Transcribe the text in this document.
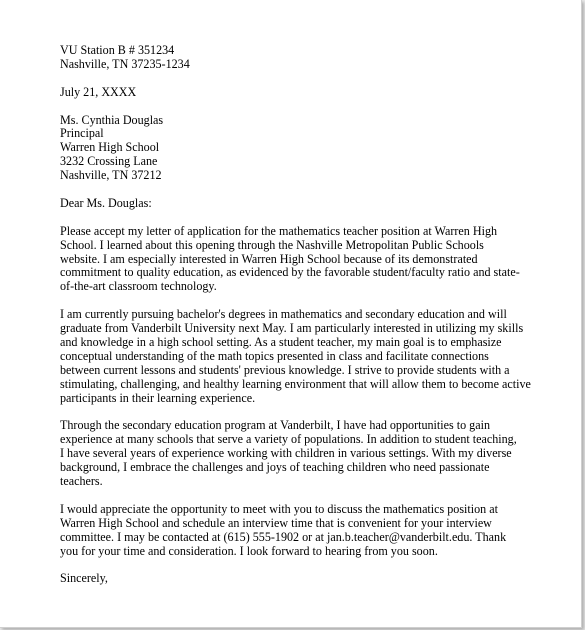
VU Station B # 351234
Nashville, TN 37235-1234
July 21, XXXX
Ms. Cynthia Douglas
Principal
Warren High School
3232 Crossing Lane
Nashville, TN 37212
Dear Ms. Douglas:
Please accept my letter of application for the mathematics teacher position at Warren High
School. I learned about this opening through the Nashville Metropolitan Public Schools
website. I am especially interested in Warren High School because of its demonstrated
commitment to quality education, as evidenced by the favorable student/faculty ratio and state-
of-the-art classroom technology.
I am currently pursuing bachelor's degrees in mathematics and secondary education and will
graduate from Vanderbilt University next May. I am particularly interested in utilizing my skills
and knowledge in a high school setting. As a student teacher, my main goal is to emphasize
conceptual understanding of the math topics presented in class and facilitate connections
between current lessons and students' previous knowledge. I strive to provide students with a
stimulating, challenging, and healthy learning environment that will allow them to become active
participants in their learning experience.
Through the secondary education program at Vanderbilt, I have had opportunities to gain
experience at many schools that serve a variety of populations. In addition to student teaching,
I have several years of experience working with children in various settings. With my diverse
background, I embrace the challenges and joys of teaching children who need passionate
teachers.
I would appreciate the opportunity to meet with you to discuss the mathematics position at
Warren High School and schedule an interview time that is convenient for your interview
committee. I may be contacted at (615) 555-1902 or at jan.b.teacher@vanderbilt.edu. Thank
you for your time and consideration. I look forward to hearing from you soon.
Sincerely,
